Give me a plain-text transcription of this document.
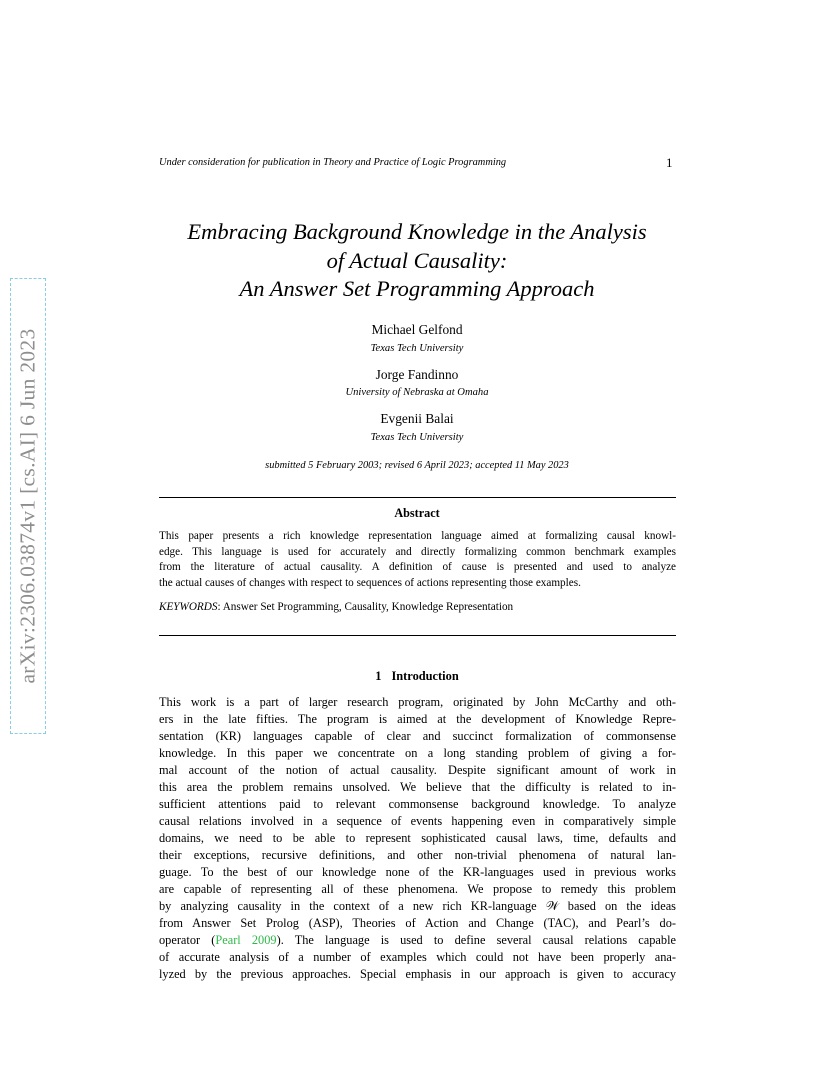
arXiv:2306.03874v1 [cs.AI] 6 Jun 2023
Under consideration for publication in Theory and Practice of Logic Programming	1
Embracing Background Knowledge in the Analysis
of Actual Causality:
An Answer Set Programming Approach
Michael Gelfond
Texas Tech University
Jorge Fandinno
University of Nebraska at Omaha
Evgenii Balai
Texas Tech University
submitted 5 February 2003; revised 6 April 2023; accepted 11 May 2023
Abstract
This paper presents a rich knowledge representation language aimed at formalizing causal knowl-
edge. This language is used for accurately and directly formalizing common benchmark examples
from the literature of actual causality. A definition of cause is presented and used to analyze
the actual causes of changes with respect to sequences of actions representing those examples.
KEYWORDS: Answer Set Programming, Causality, Knowledge Representation
1 Introduction
This work is a part of larger research program, originated by John McCarthy and oth-
ers in the late fifties. The program is aimed at the development of Knowledge Repre-
sentation (KR) languages capable of clear and succinct formalization of commonsense
knowledge. In this paper we concentrate on a long standing problem of giving a for-
mal account of the notion of actual causality. Despite significant amount of work in
this area the problem remains unsolved. We believe that the difficulty is related to in-
sufficient attentions paid to relevant commonsense background knowledge. To analyze
causal relations involved in a sequence of events happening even in comparatively simple
domains, we need to be able to represent sophisticated causal laws, time, defaults and
their exceptions, recursive definitions, and other non-trivial phenomena of natural lan-
guage. To the best of our knowledge none of the KR-languages used in previous works
are capable of representing all of these phenomena. We propose to remedy this problem
by analyzing causality in the context of a new rich KR-language 𝒲 based on the ideas
from Answer Set Prolog (ASP), Theories of Action and Change (TAC), and Pearl’s do-
operator (Pearl 2009). The language is used to define several causal relations capable
of accurate analysis of a number of examples which could not have been properly ana-
lyzed by the previous approaches. Special emphasis in our approach is given to accuracy
